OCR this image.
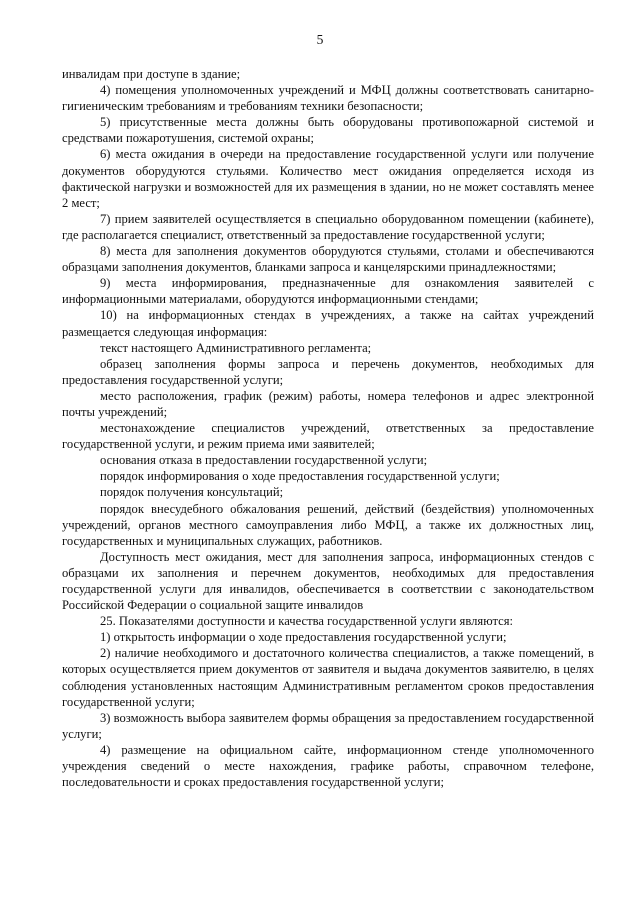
5

инвалидам при доступе в здание;

4) помещения уполномоченных учреждений и МФЦ должны соответствовать санитарно-гигиеническим требованиям и требованиям техники безопасности;

5) присутственные места должны быть оборудованы противопожарной системой и средствами пожаротушения, системой охраны;

6) места ожидания в очереди на предоставление государственной услуги или получение документов оборудуются стульями. Количество мест ожидания определяется исходя из фактической нагрузки и возможностей для их размещения в здании, но не может составлять менее 2 мест;

7) прием заявителей осуществляется в специально оборудованном помещении (кабинете), где располагается специалист, ответственный за предоставление государственной услуги;

8) места для заполнения документов оборудуются стульями, столами и обеспечиваются образцами заполнения документов, бланками запроса и канцелярскими принадлежностями;

9) места информирования, предназначенные для ознакомления заявителей с информационными материалами, оборудуются информационными стендами;

10) на информационных стендах в учреждениях, а также на сайтах учреждений размещается следующая информация:

текст настоящего Административного регламента;

образец заполнения формы запроса и перечень документов, необходимых для предоставления государственной услуги;

место расположения, график (режим) работы, номера телефонов и адрес электронной почты учреждений;

местонахождение специалистов учреждений, ответственных за предоставление государственной услуги, и режим приема ими заявителей;

основания отказа в предоставлении государственной услуги;

порядок информирования о ходе предоставления государственной услуги;

порядок получения консультаций;

порядок внесудебного обжалования решений, действий (бездействия) уполномоченных учреждений, органов местного самоуправления либо МФЦ, а также их должностных лиц, государственных и муниципальных служащих, работников.

Доступность мест ожидания, мест для заполнения запроса, информационных стендов с образцами их заполнения и перечнем документов, необходимых для предоставления государственной услуги для инвалидов, обеспечивается в соответствии с законодательством Российской Федерации о социальной защите инвалидов

25. Показателями доступности и качества государственной услуги являются:

1) открытость информации о ходе предоставления государственной услуги;

2) наличие необходимого и достаточного количества специалистов, а также помещений, в которых осуществляется прием документов от заявителя и выдача документов заявителю, в целях соблюдения установленных настоящим Административным регламентом сроков предоставления государственной услуги;

3) возможность выбора заявителем формы обращения за предоставлением государственной услуги;

4) размещение на официальном сайте, информационном стенде уполномоченного учреждения сведений о месте нахождения, графике работы, справочном телефоне, последовательности и сроках предоставления государственной услуги;
